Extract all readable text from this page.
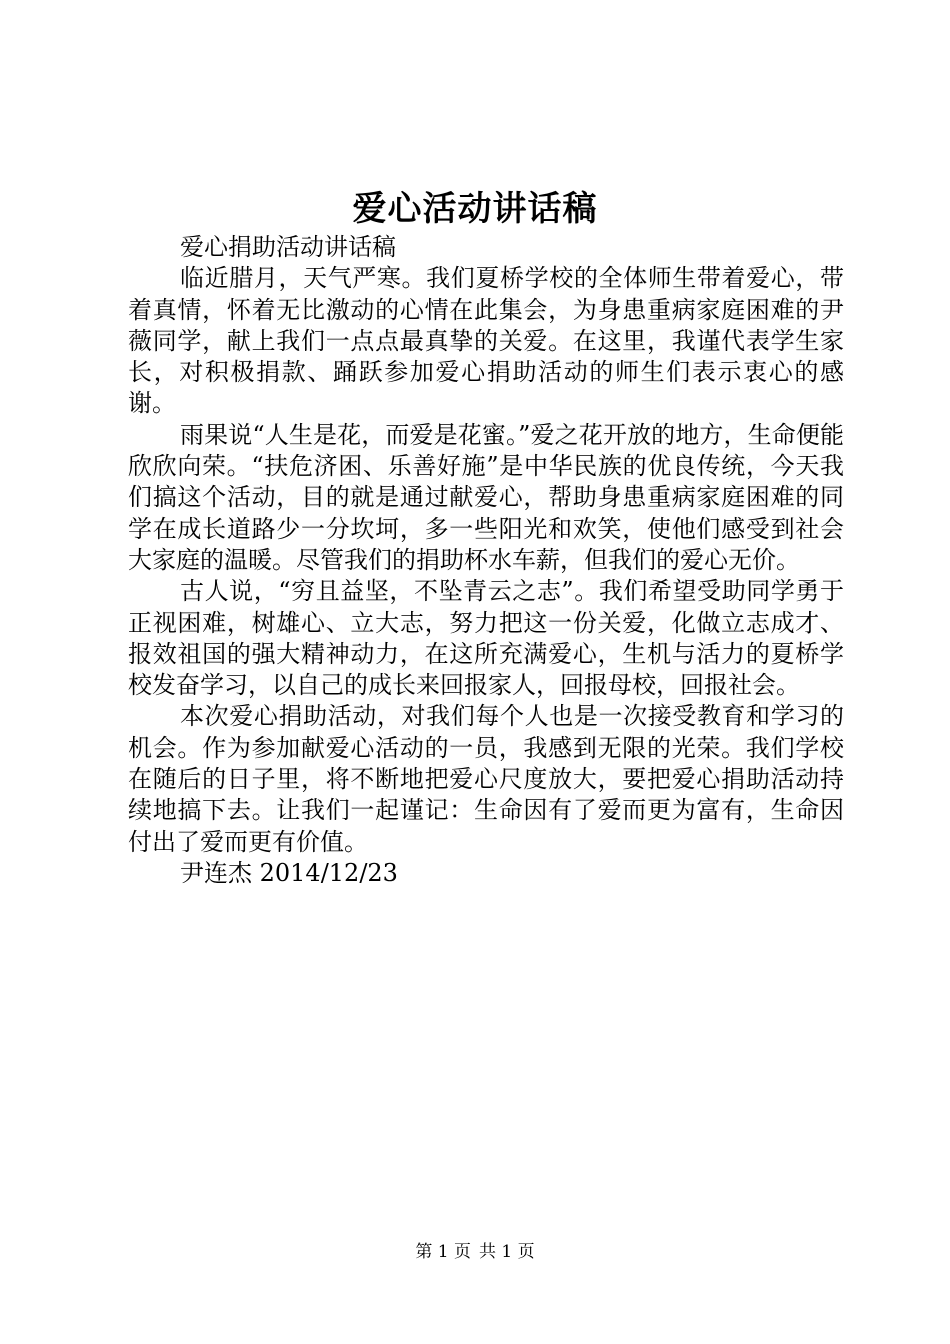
爱心活动讲话稿

爱心捐助活动讲话稿

临近腊月，天气严寒。我们夏桥学校的全体师生带着爱心，带着真情，怀着无比激动的心情在此集会，为身患重病家庭困难的尹薇同学，献上我们一点点最真挚的关爱。在这里，我谨代表学生家长，对积极捐款、踊跃参加爱心捐助活动的师生们表示衷心的感谢。

雨果说“人生是花，而爱是花蜜。”爱之花开放的地方，生命便能欣欣向荣。“扶危济困、乐善好施”是中华民族的优良传统，今天我们搞这个活动，目的就是通过献爱心，帮助身患重病家庭困难的同学在成长道路少一分坎坷，多一些阳光和欢笑，使他们感受到社会大家庭的温暖。尽管我们的捐助杯水车薪，但我们的爱心无价。

古人说，“穷且益坚，不坠青云之志”。我们希望受助同学勇于正视困难，树雄心、立大志，努力把这一份关爱，化做立志成才、报效祖国的强大精神动力，在这所充满爱心，生机与活力的夏桥学校发奋学习，以自己的成长来回报家人，回报母校，回报社会。

本次爱心捐助活动，对我们每个人也是一次接受教育和学习的机会。作为参加献爱心活动的一员，我感到无限的光荣。我们学校在随后的日子里，将不断地把爱心尺度放大，要把爱心捐助活动持续地搞下去。让我们一起谨记：生命因有了爱而更为富有，生命因付出了爱而更有价值。

尹连杰 2014/12/23

第 1 页 共 1 页
